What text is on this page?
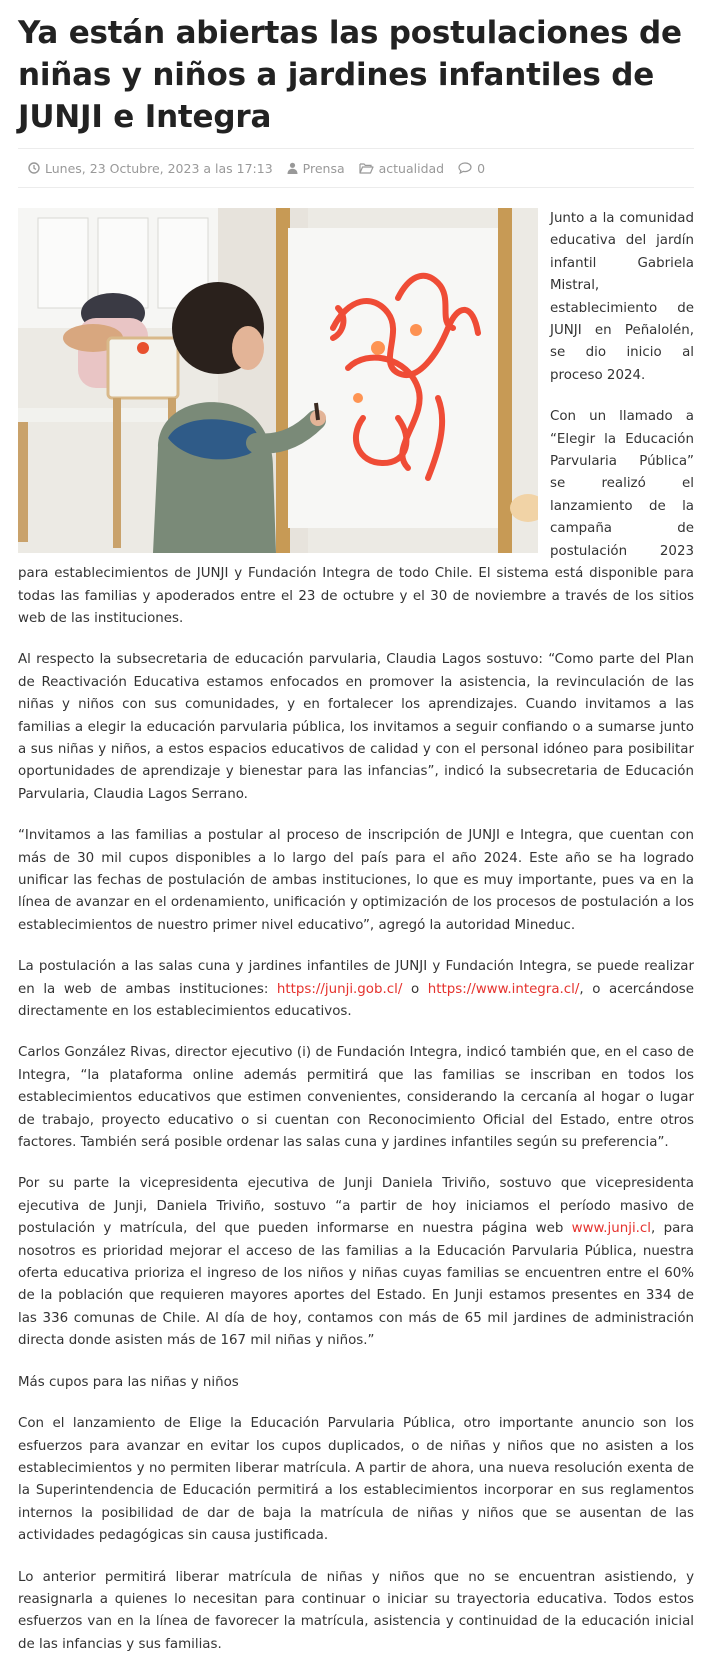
Ya están abiertas las postulaciones de niñas y niños a jardines infantiles de JUNJI e Integra
Lunes, 23 Octubre, 2023 a las 17:13 Prensa	actualidad	0

Junto a la comunidad educativa del jardín infantil Gabriela Mistral, establecimiento de JUNJI en Peñalolén, se dio inicio al proceso 2024.

Con un llamado a “Elegir la Educación Parvularia Pública” se realizó el lanzamiento de la campaña de postulación 2023 para establecimientos de JUNJI y Fundación Integra de todo Chile. El sistema está disponible para todas las familias y apoderados entre el 23 de octubre y el 30 de noviembre a través de los sitios web de las instituciones.

Al respecto la subsecretaria de educación parvularia, Claudia Lagos sostuvo: “Como parte del Plan de Reactivación Educativa estamos enfocados en promover la asistencia, la revinculación de las niñas y niños con sus comunidades, y en fortalecer los aprendizajes. Cuando invitamos a las familias a elegir la educación parvularia pública, los invitamos a seguir confiando o a sumarse junto a sus niñas y niños, a estos espacios educativos de calidad y con el personal idóneo para posibilitar oportunidades de aprendizaje y bienestar para las infancias”, indicó la subsecretaria de Educación Parvularia, Claudia Lagos Serrano.

“Invitamos a las familias a postular al proceso de inscripción de JUNJI e Integra, que cuentan con más de 30 mil cupos disponibles a lo largo del país para el año 2024. Este año se ha logrado unificar las fechas de postulación de ambas instituciones, lo que es muy importante, pues va en la línea de avanzar en el ordenamiento, unificación y optimización de los procesos de postulación a los establecimientos de nuestro primer nivel educativo”, agregó la autoridad Mineduc.

La postulación a las salas cuna y jardines infantiles de JUNJI y Fundación Integra, se puede realizar en la web de ambas instituciones: https://junji.gob.cl/ o https://www.integra.cl/, o acercándose directamente en los establecimientos educativos.

Carlos González Rivas, director ejecutivo (i) de Fundación Integra, indicó también que, en el caso de Integra, “la plataforma online además permitirá que las familias se inscriban en todos los establecimientos educativos que estimen convenientes, considerando la cercanía al hogar o lugar de trabajo, proyecto educativo o si cuentan con Reconocimiento Oficial del Estado, entre otros factores. También será posible ordenar las salas cuna y jardines infantiles según su preferencia”.

Por su parte la vicepresidenta ejecutiva de Junji Daniela Triviño, sostuvo que vicepresidenta ejecutiva de Junji, Daniela Triviño, sostuvo “a partir de hoy iniciamos el período masivo de postulación y matrícula, del que pueden informarse en nuestra página web www.junji.cl, para nosotros es prioridad mejorar el acceso de las familias a la Educación Parvularia Pública, nuestra oferta educativa prioriza el ingreso de los niños y niñas cuyas familias se encuentren entre el 60% de la población que requieren mayores aportes del Estado. En Junji estamos presentes en 334 de las 336 comunas de Chile. Al día de hoy, contamos con más de 65 mil jardines de administración directa donde asisten más de 167 mil niñas y niños.”

Más cupos para las niñas y niños

Con el lanzamiento de Elige la Educación Parvularia Pública, otro importante anuncio son los esfuerzos para avanzar en evitar los cupos duplicados, o de niñas y niños que no asisten a los establecimientos y no permiten liberar matrícula. A partir de ahora, una nueva resolución exenta de la Superintendencia de Educación permitirá a los establecimientos incorporar en sus reglamentos internos la posibilidad de dar de baja la matrícula de niñas y niños que se ausentan de las actividades pedagógicas sin causa justificada.

Lo anterior permitirá liberar matrícula de niñas y niños que no se encuentran asistiendo, y reasignarla a quienes lo necesitan para continuar o iniciar su trayectoria educativa. Todos estos esfuerzos van en la línea de favorecer la matrícula, asistencia y continuidad de la educación inicial de las infancias y sus familias.
